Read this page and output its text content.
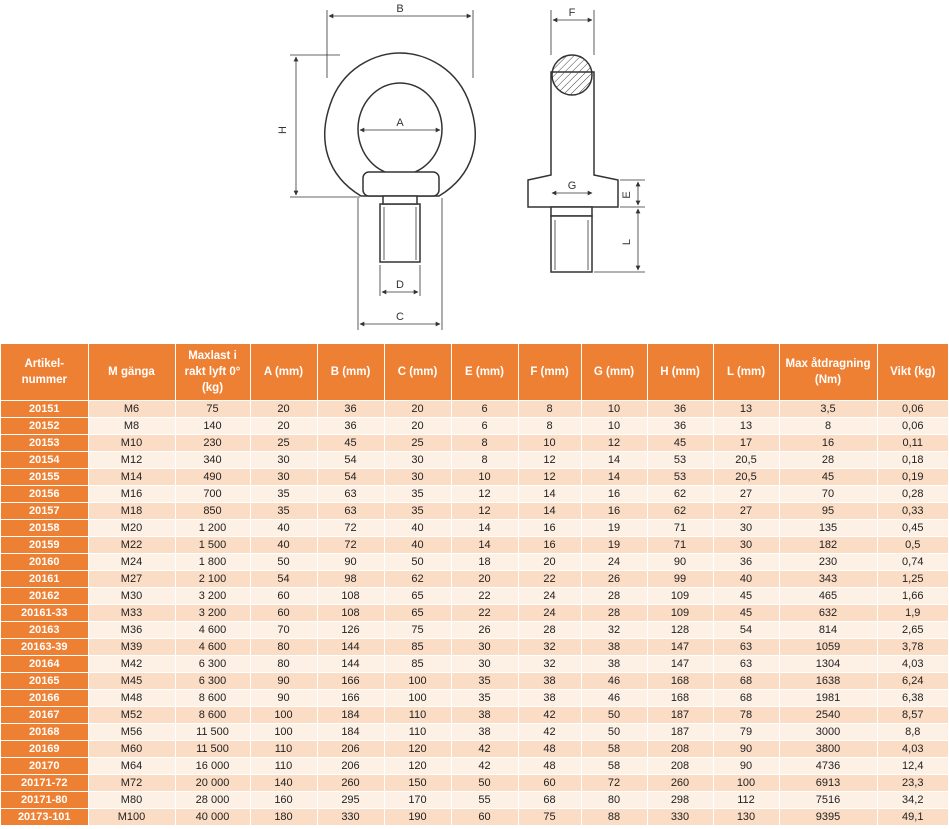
B
A
H
D
C
F
G
E
L
Artikel-
nummer	M gänga	Maxlast i rakt lyft 0° (kg)	A (mm)	B (mm)	C (mm)	E (mm)	F (mm)	G (mm)	H (mm)	L (mm)	Max åtdragning (Nm)	Vikt (kg)
20151	M6	75	20	36	20	6	8	10	36	13	3,5	0,06
20152	M8	140	20	36	20	6	8	10	36	13	8	0,06
20153	M10	230	25	45	25	8	10	12	45	17	16	0,11
20154	M12	340	30	54	30	8	12	14	53	20,5	28	0,18
20155	M14	490	30	54	30	10	12	14	53	20,5	45	0,19
20156	M16	700	35	63	35	12	14	16	62	27	70	0,28
20157	M18	850	35	63	35	12	14	16	62	27	95	0,33
20158	M20	1 200	40	72	40	14	16	19	71	30	135	0,45
20159	M22	1 500	40	72	40	14	16	19	71	30	182	0,5
20160	M24	1 800	50	90	50	18	20	24	90	36	230	0,74
20161	M27	2 100	54	98	62	20	22	26	99	40	343	1,25
20162	M30	3 200	60	108	65	22	24	28	109	45	465	1,66
20161-33	M33	3 200	60	108	65	22	24	28	109	45	632	1,9
20163	M36	4 600	70	126	75	26	28	32	128	54	814	2,65
20163-39	M39	4 600	80	144	85	30	32	38	147	63	1059	3,78
20164	M42	6 300	80	144	85	30	32	38	147	63	1304	4,03
20165	M45	6 300	90	166	100	35	38	46	168	68	1638	6,24
20166	M48	8 600	90	166	100	35	38	46	168	68	1981	6,38
20167	M52	8 600	100	184	110	38	42	50	187	78	2540	8,57
20168	M56	11 500	100	184	110	38	42	50	187	79	3000	8,8
20169	M60	11 500	110	206	120	42	48	58	208	90	3800	4,03
20170	M64	16 000	110	206	120	42	48	58	208	90	4736	12,4
20171-72	M72	20 000	140	260	150	50	60	72	260	100	6913	23,3
20171-80	M80	28 000	160	295	170	55	68	80	298	112	7516	34,2
20173-101	M100	40 000	180	330	190	60	75	88	330	130	9395	49,1
